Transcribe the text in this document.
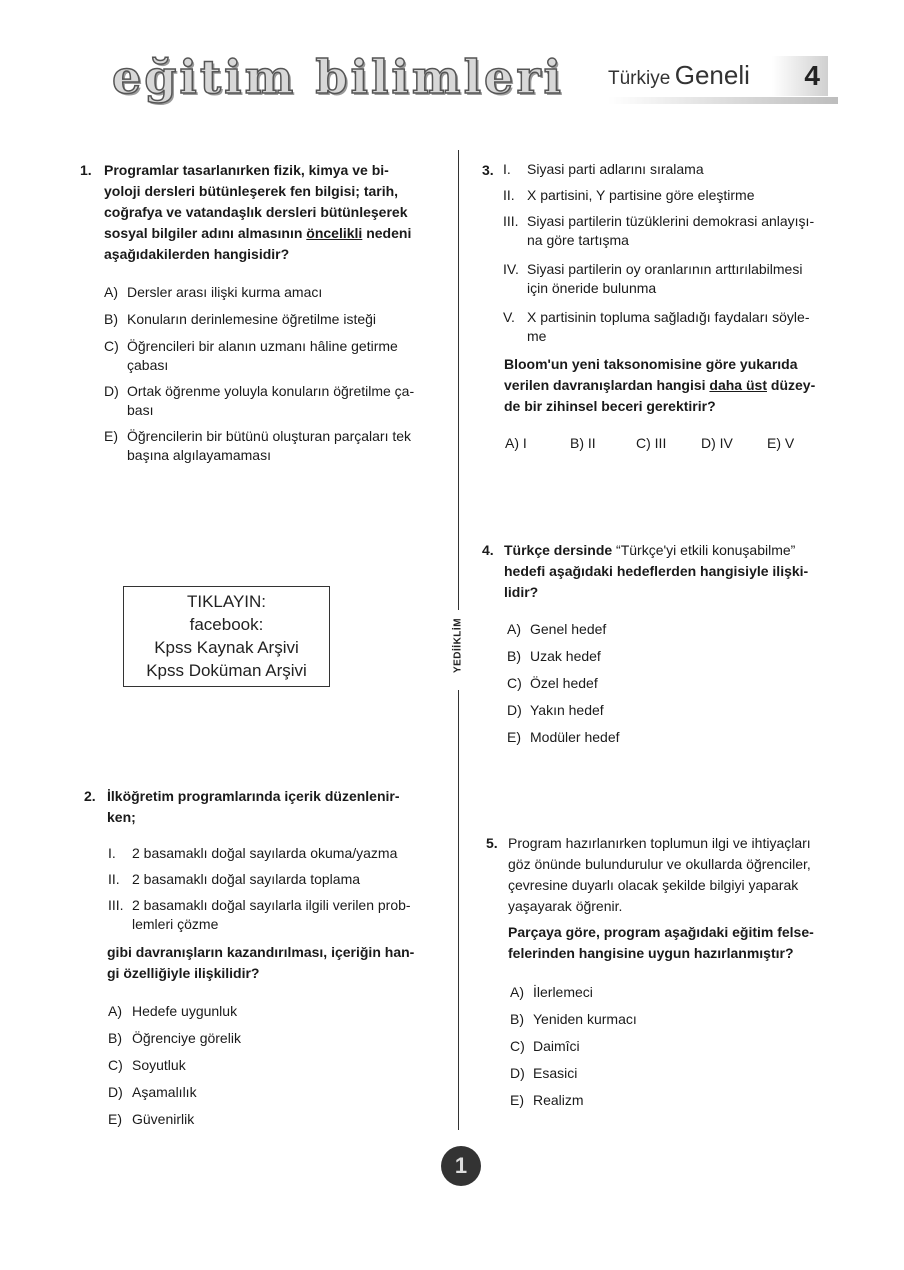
eğitim bilimleri Türkiye Geneli	4
1. Programlar tasarlanırken fizik, kimya ve bi-
yoloji dersleri bütünleşerek fen bilgisi; tarih,
coğrafya ve vatandaşlık dersleri bütünleşerek
sosyal bilgiler adını almasının öncelikli nedeni
aşağıdakilerden hangisidir?
A) Dersler arası ilişki kurma amacı
B) Konuların derinlemesine öğretilme isteği
C) Öğrencileri bir alanın uzmanı hâline getirme
çabası
D) Ortak öğrenme yoluyla konuların öğretilme ça-
bası
E) Öğrencilerin bir bütünü oluşturan parçaları tek
başına algılayamaması
TIKLAYIN:
facebook:
Kpss Kaynak Arşivi
Kpss Doküman Arşivi
2. İlköğretim programlarında içerik düzenlenir-
ken;
I. 2 basamaklı doğal sayılarda okuma/yazma
II. 2 basamaklı doğal sayılarda toplama
III. 2 basamaklı doğal sayılarla ilgili verilen prob-
lemleri çözme
gibi davranışların kazandırılması, içeriğin han-
gi özelliğiyle ilişkilidir?
A) Hedefe uygunluk
B) Öğrenciye görelik
C) Soyutluk
D) Aşamalılık
E) Güvenirlik
YEDİİKLİM
3. I. Siyasi parti adlarını sıralama
II. X partisini, Y partisine göre eleştirme
III. Siyasi partilerin tüzüklerini demokrasi anlayışı-
na göre tartışma
IV. Siyasi partilerin oy oranlarının arttırılabilmesi
için öneride bulunma
V. X partisinin topluma sağladığı faydaları söyle-
me
Bloom'un yeni taksonomisine göre yukarıda
verilen davranışlardan hangisi daha üst düzey-
de bir zihinsel beceri gerektirir?
A) I	B) II	C) III	D) IV	E) V
4. Türkçe dersinde “Türkçe'yi etkili konuşabilme”
hedefi aşağıdaki hedeflerden hangisiyle ilişki-
lidir?
A) Genel hedef
B) Uzak hedef
C) Özel hedef
D) Yakın hedef
E) Modüler hedef
5. Program hazırlanırken toplumun ilgi ve ihtiyaçları
göz önünde bulundurulur ve okullarda öğrenciler,
çevresine duyarlı olacak şekilde bilgiyi yaparak
yaşayarak öğrenir.
Parçaya göre, program aşağıdaki eğitim felse-
felerinden hangisine uygun hazırlanmıştır?
A) İlerlemeci
B) Yeniden kurmacı
C) Daimîci
D) Esasici
E) Realizm
1
